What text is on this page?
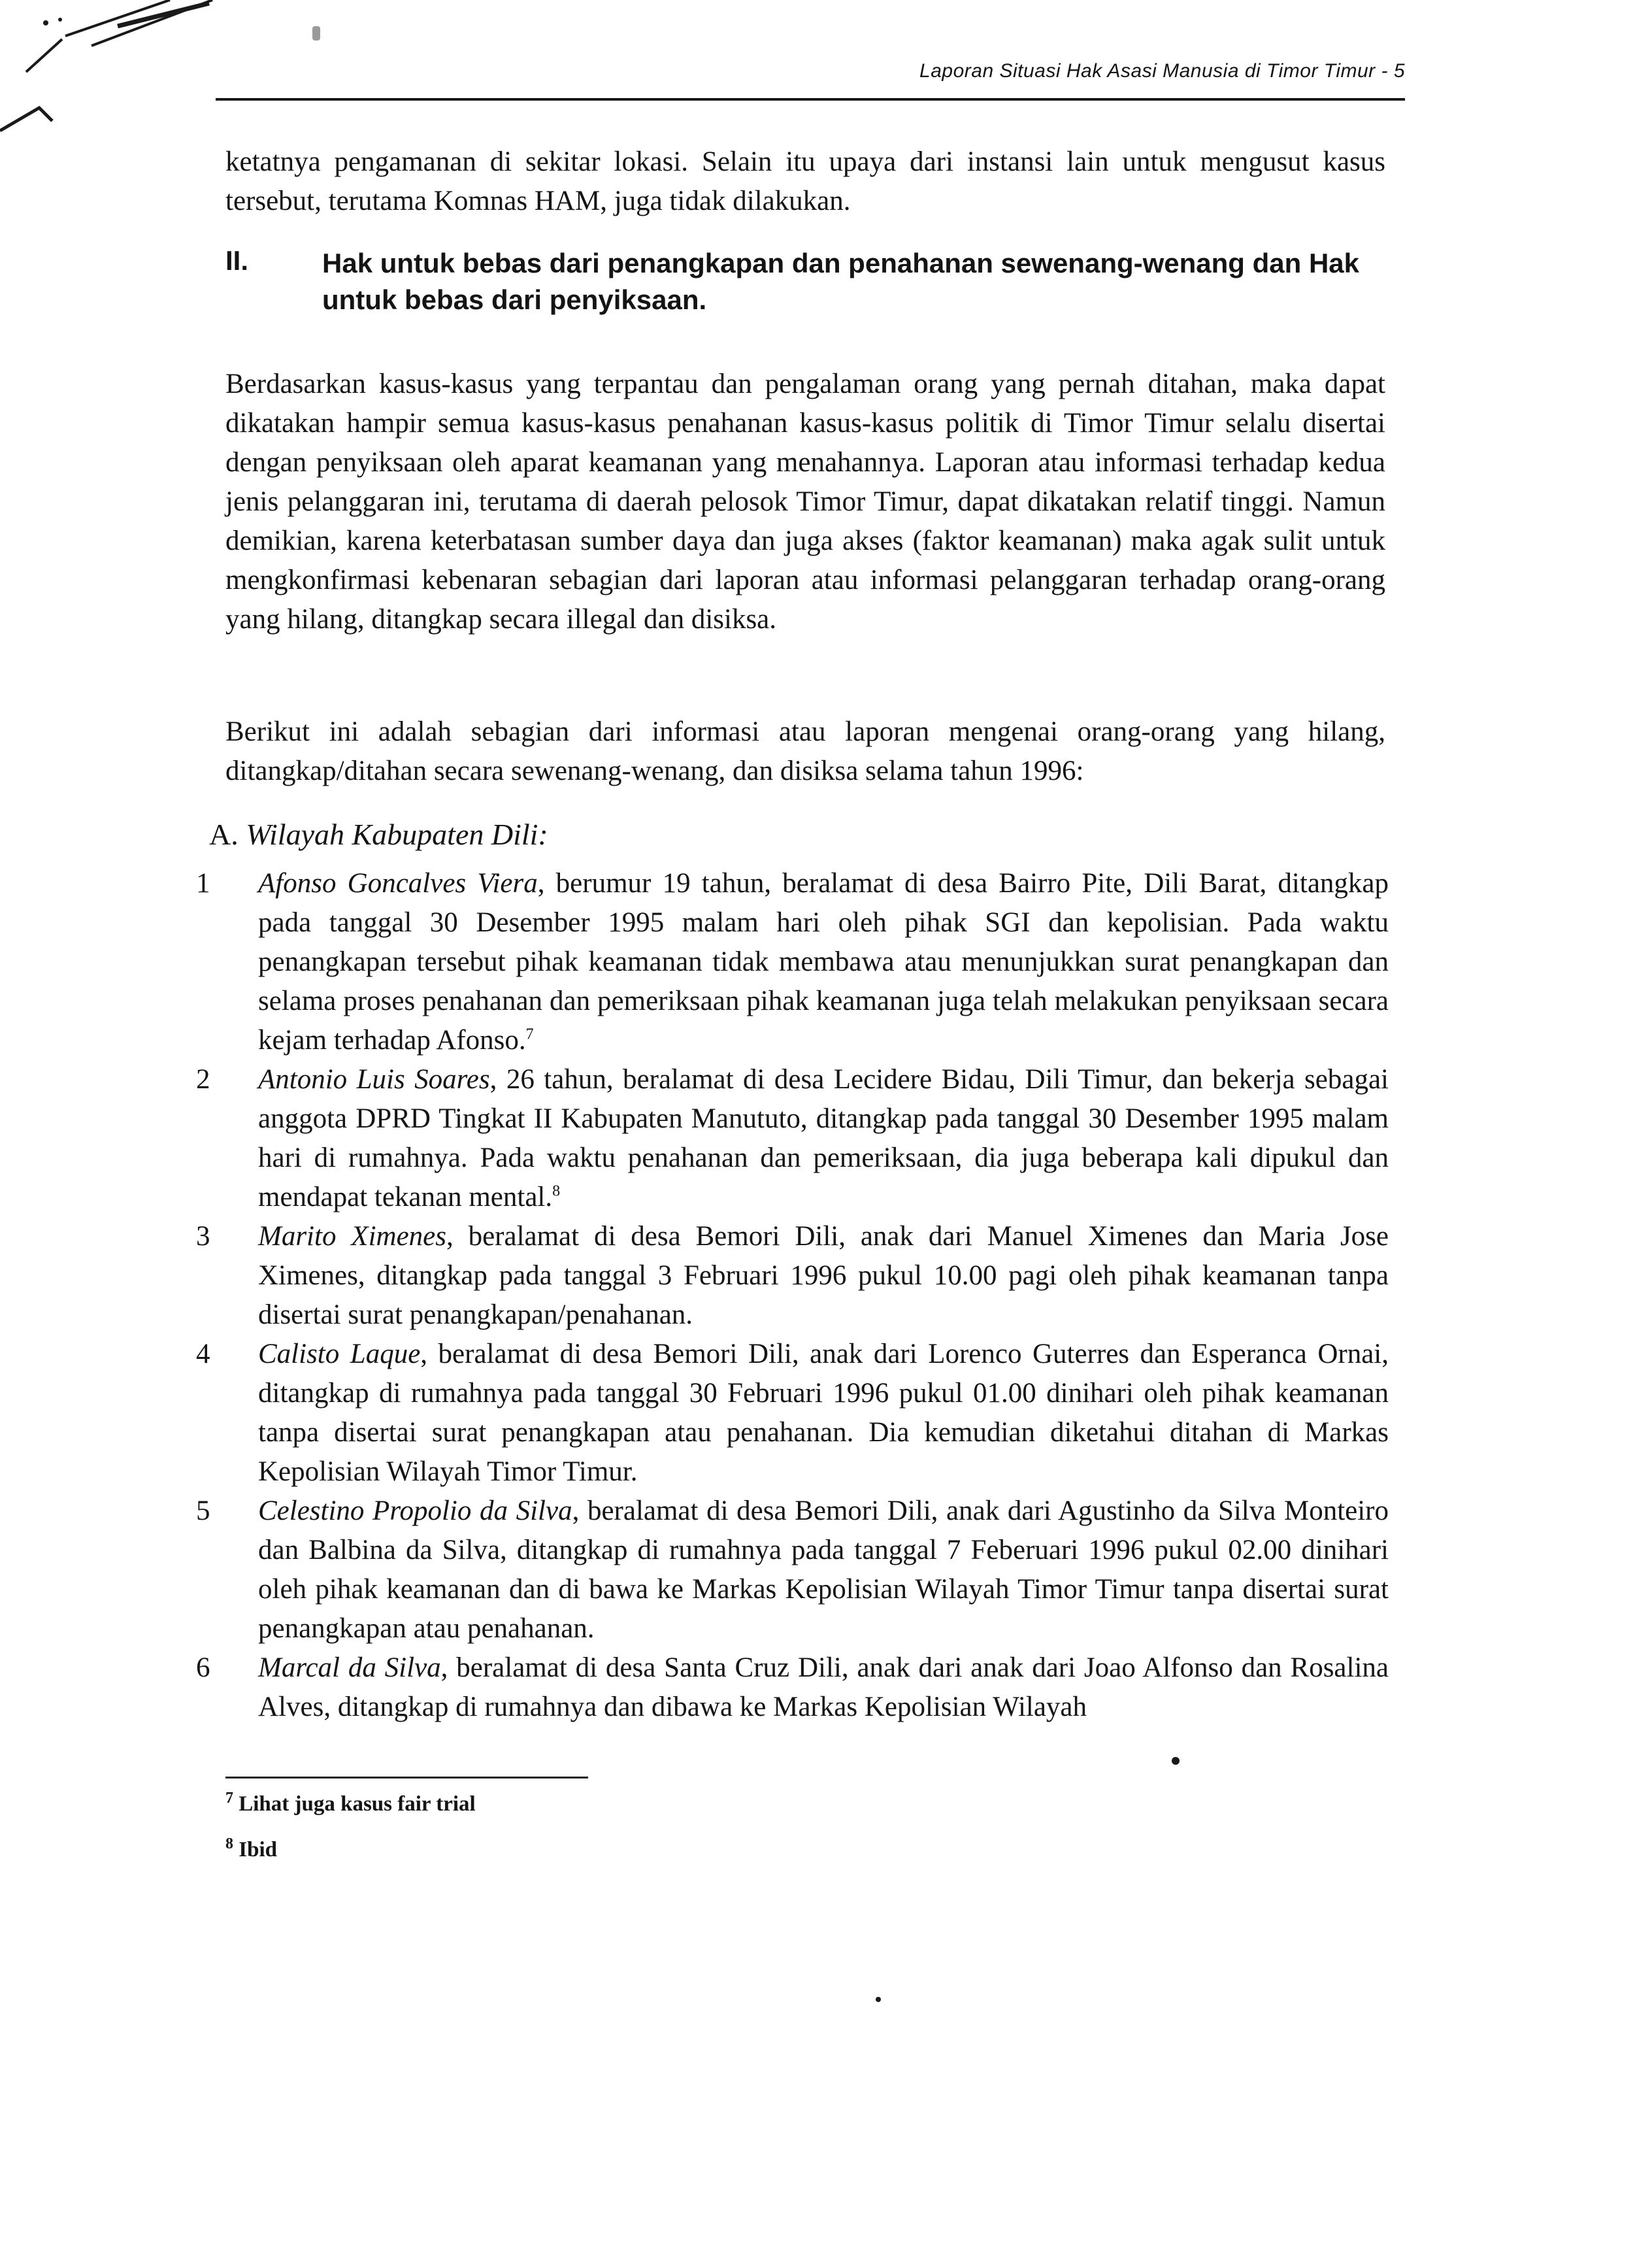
Laporan Situasi Hak Asasi Manusia di Timor Timur - 5

ketatnya pengamanan di sekitar lokasi. Selain itu upaya dari instansi lain untuk mengusut kasus tersebut, terutama Komnas HAM, juga tidak dilakukan.

II.	Hak untuk bebas dari penangkapan dan penahanan sewenang-wenang dan Hak untuk bebas dari penyiksaan.

Berdasarkan kasus-kasus yang terpantau dan pengalaman orang yang pernah ditahan, maka dapat dikatakan hampir semua kasus-kasus penahanan kasus-kasus politik di Timor Timur selalu disertai dengan penyiksaan oleh aparat keamanan yang menahannya. Laporan atau informasi terhadap kedua jenis pelanggaran ini, terutama di daerah pelosok Timor Timur, dapat dikatakan relatif tinggi. Namun demikian, karena keterbatasan sumber daya dan juga akses (faktor keamanan) maka agak sulit untuk mengkonfirmasi kebenaran sebagian dari laporan atau informasi pelanggaran terhadap orang-orang yang hilang, ditangkap secara illegal dan disiksa.

Berikut ini adalah sebagian dari informasi atau laporan mengenai orang-orang yang hilang, ditangkap/ditahan secara sewenang-wenang, dan disiksa selama tahun 1996:

A. Wilayah Kabupaten Dili:

1	Afonso Goncalves Viera, berumur 19 tahun, beralamat di desa Bairro Pite, Dili Barat, ditangkap pada tanggal 30 Desember 1995 malam hari oleh pihak SGI dan kepolisian. Pada waktu penangkapan tersebut pihak keamanan tidak membawa atau menunjukkan surat penangkapan dan selama proses penahanan dan pemeriksaan pihak keamanan juga telah melakukan penyiksaan secara kejam terhadap Afonso.$^7$
2	Antonio Luis Soares, 26 tahun, beralamat di desa Lecidere Bidau, Dili Timur, dan bekerja sebagai anggota DPRD Tingkat II Kabupaten Manututo, ditangkap pada tanggal 30 Desember 1995 malam hari di rumahnya. Pada waktu penahanan dan pemeriksaan, dia juga beberapa kali dipukul dan mendapat tekanan mental.$^8$
3	Marito Ximenes, beralamat di desa Bemori Dili, anak dari Manuel Ximenes dan Maria Jose Ximenes, ditangkap pada tanggal 3 Februari 1996 pukul 10.00 pagi oleh pihak keamanan tanpa disertai surat penangkapan/penahanan.
4	Calisto Laque, beralamat di desa Bemori Dili, anak dari Lorenco Guterres dan Esperanca Ornai, ditangkap di rumahnya pada tanggal 30 Februari 1996 pukul 01.00 dinihari oleh pihak keamanan tanpa disertai surat penangkapan atau penahanan. Dia kemudian diketahui ditahan di Markas Kepolisian Wilayah Timor Timur.
5	Celestino Propolio da Silva, beralamat di desa Bemori Dili, anak dari Agustinho da Silva Monteiro dan Balbina da Silva, ditangkap di rumahnya pada tanggal 7 Feberuari 1996 pukul 02.00 dinihari oleh pihak keamanan dan di bawa ke Markas Kepolisian Wilayah Timor Timur tanpa disertai surat penangkapan atau penahanan.
6	Marcal da Silva, beralamat di desa Santa Cruz Dili, anak dari anak dari Joao Alfonso dan Rosalina Alves, ditangkap di rumahnya dan dibawa ke Markas Kepolisian Wilayah
$^7$ Lihat juga kasus fair trial
$^8$ Ibid
